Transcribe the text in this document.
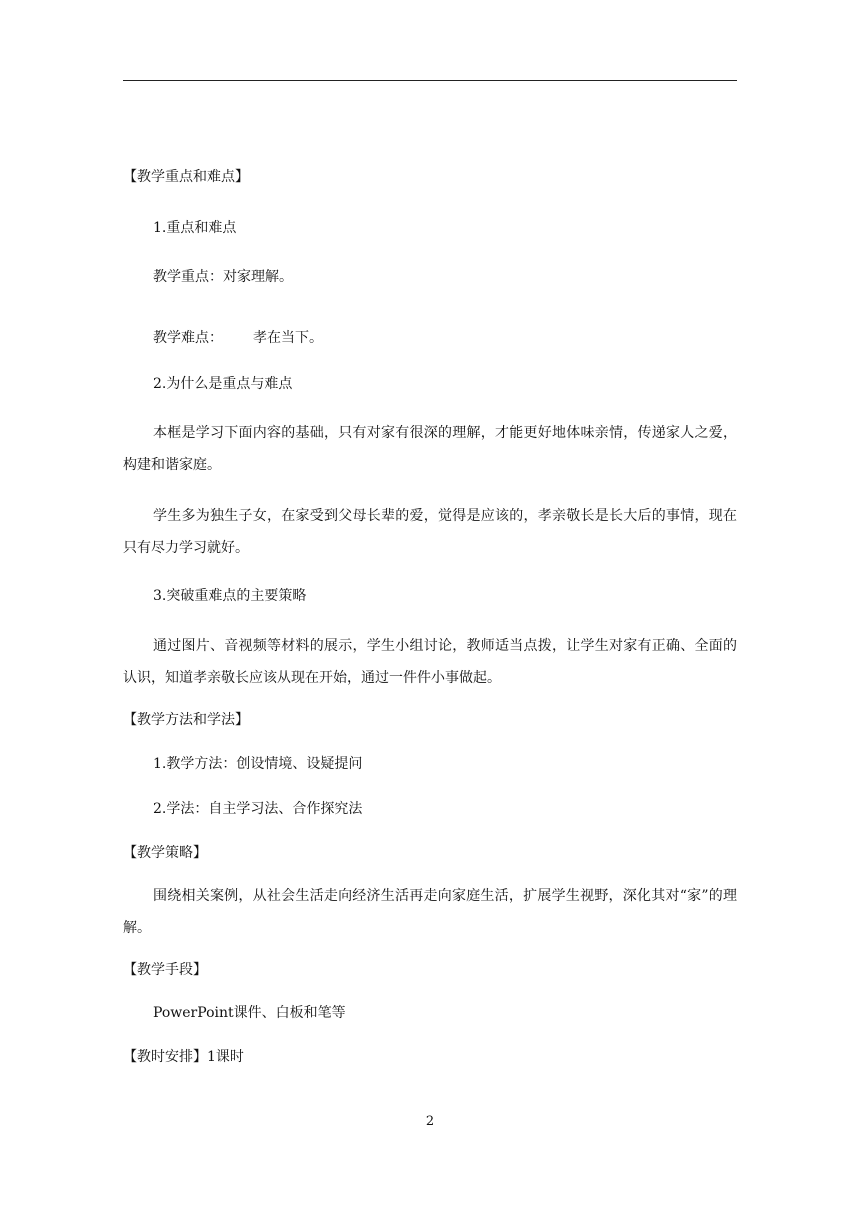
【教学重点和难点】
1.重点和难点
教学重点：对家理解。
教学难点： 孝在当下。
2.为什么是重点与难点
本框是学习下面内容的基础，只有对家有很深的理解，才能更好地体味亲情，传递家人之爱，构建和谐家庭。
学生多为独生子女，在家受到父母长辈的爱，觉得是应该的，孝亲敬长是长大后的事情，现在只有尽力学习就好。
3.突破重难点的主要策略
通过图片、音视频等材料的展示，学生小组讨论，教师适当点拨，让学生对家有正确、全面的认识，知道孝亲敬长应该从现在开始，通过一件件小事做起。
【教学方法和学法】
1.教学方法：创设情境、设疑提问
2.学法：自主学习法、合作探究法
【教学策略】
围绕相关案例，从社会生活走向经济生活再走向家庭生活，扩展学生视野，深化其对“家”的理解。
【教学手段】
PowerPoint课件、白板和笔等
【教时安排】1课时
2
